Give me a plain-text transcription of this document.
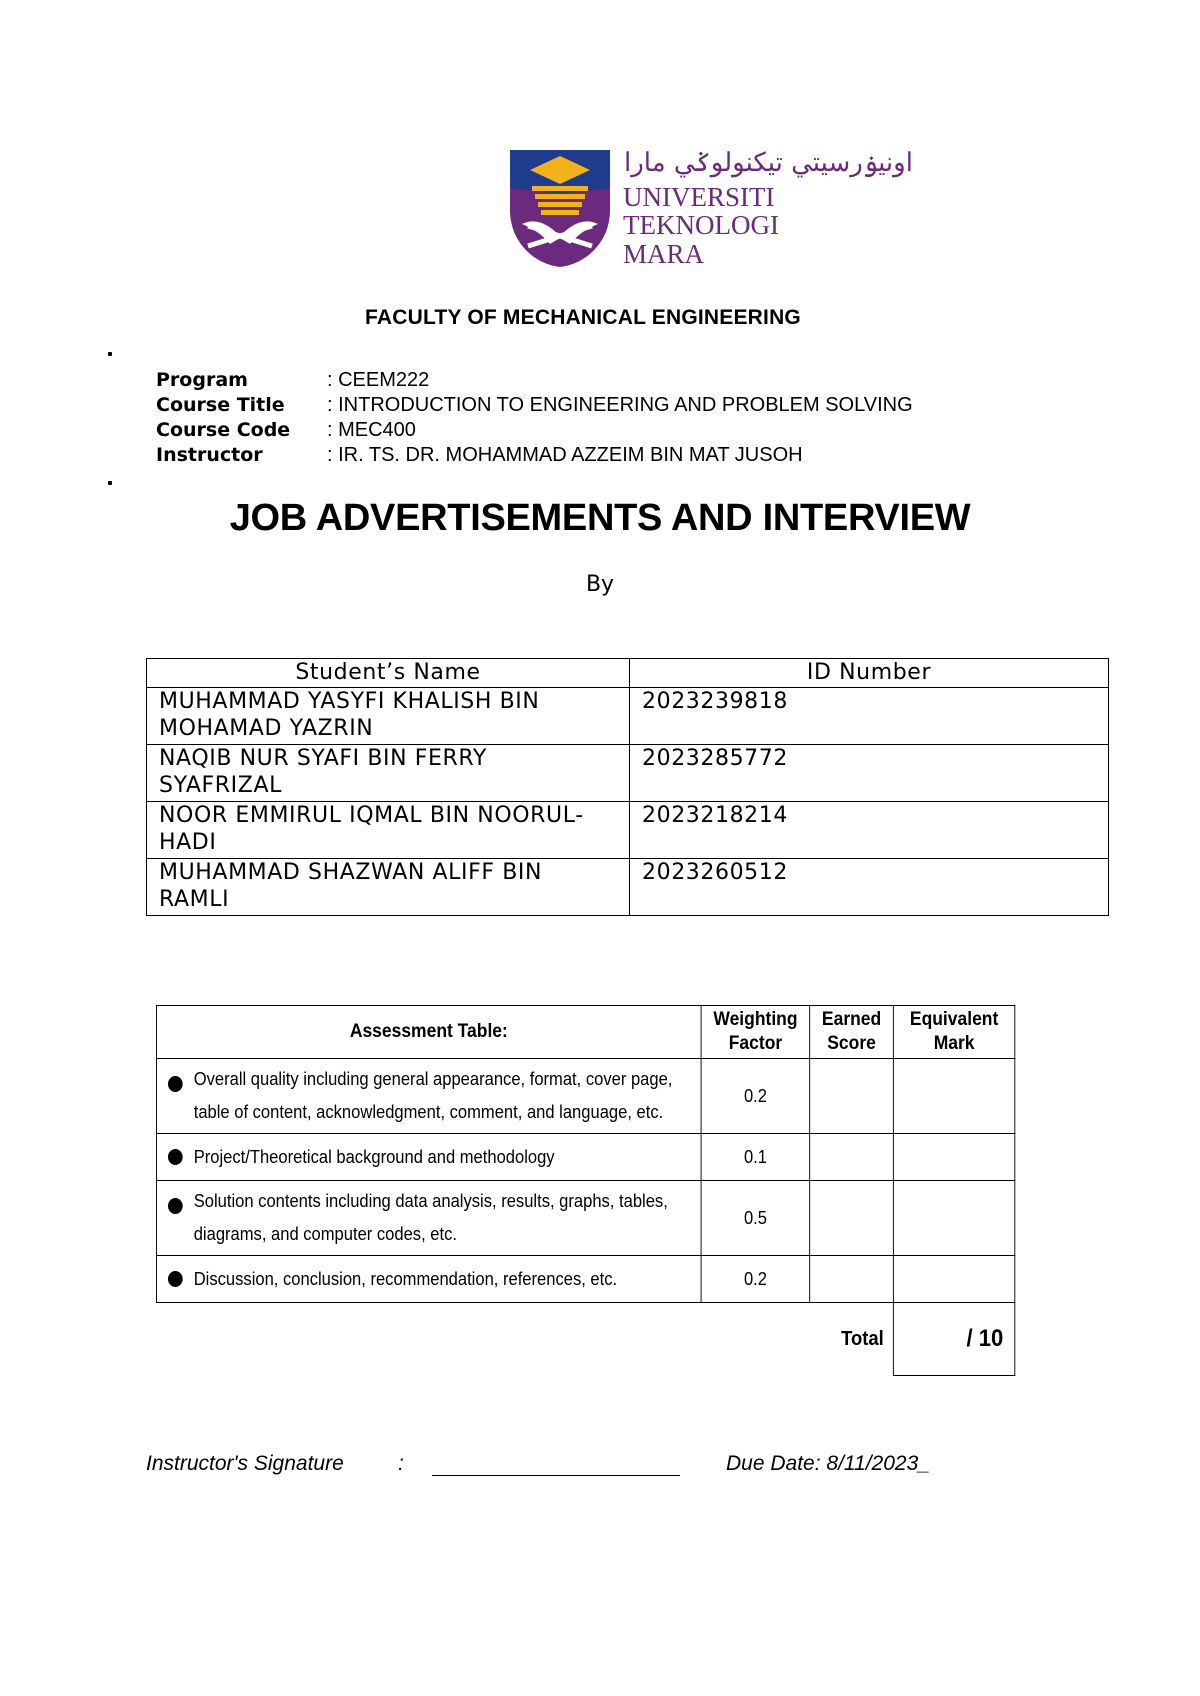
اونيۏرسيتي تيکنولوݢي مارا
UNIVERSITI
TEKNOLOGI
MARA
FACULTY OF MECHANICAL ENGINEERING
Program	: CEEM222
Course Title : INTRODUCTION TO ENGINEERING AND PROBLEM SOLVING
Course Code : MEC400
Instructor	: IR. TS. DR. MOHAMMAD AZZEIM BIN MAT JUSOH
JOB ADVERTISEMENTS AND INTERVIEW
By
Student’s Name	ID Number
MUHAMMAD YASYFI KHALISH BIN MOHAMAD YAZRIN	2023239818
NAQIB NUR SYAFI BIN FERRY SYAFRIZAL	2023285772
NOOR EMMIRUL IQMAL BIN NOORUL-HADI	2023218214
MUHAMMAD SHAZWAN ALIFF BIN RAMLI	2023260512
Assessment Table:	Weighting Factor	Earned Score	Equivalent Mark

Overall quality including general appearance, format, cover page, table of content, acknowledgment, comment, and language, etc.	0.2		

Project/Theoretical background and methodology	0.1		

Solution contents including data analysis, results, graphs, tables, diagrams, and computer codes, etc.	0.5		

Discussion, conclusion, recommendation, references, etc.	0.2		
	Total		/ 10
Instructor's Signature	:	Due Date: 8/11/2023_
